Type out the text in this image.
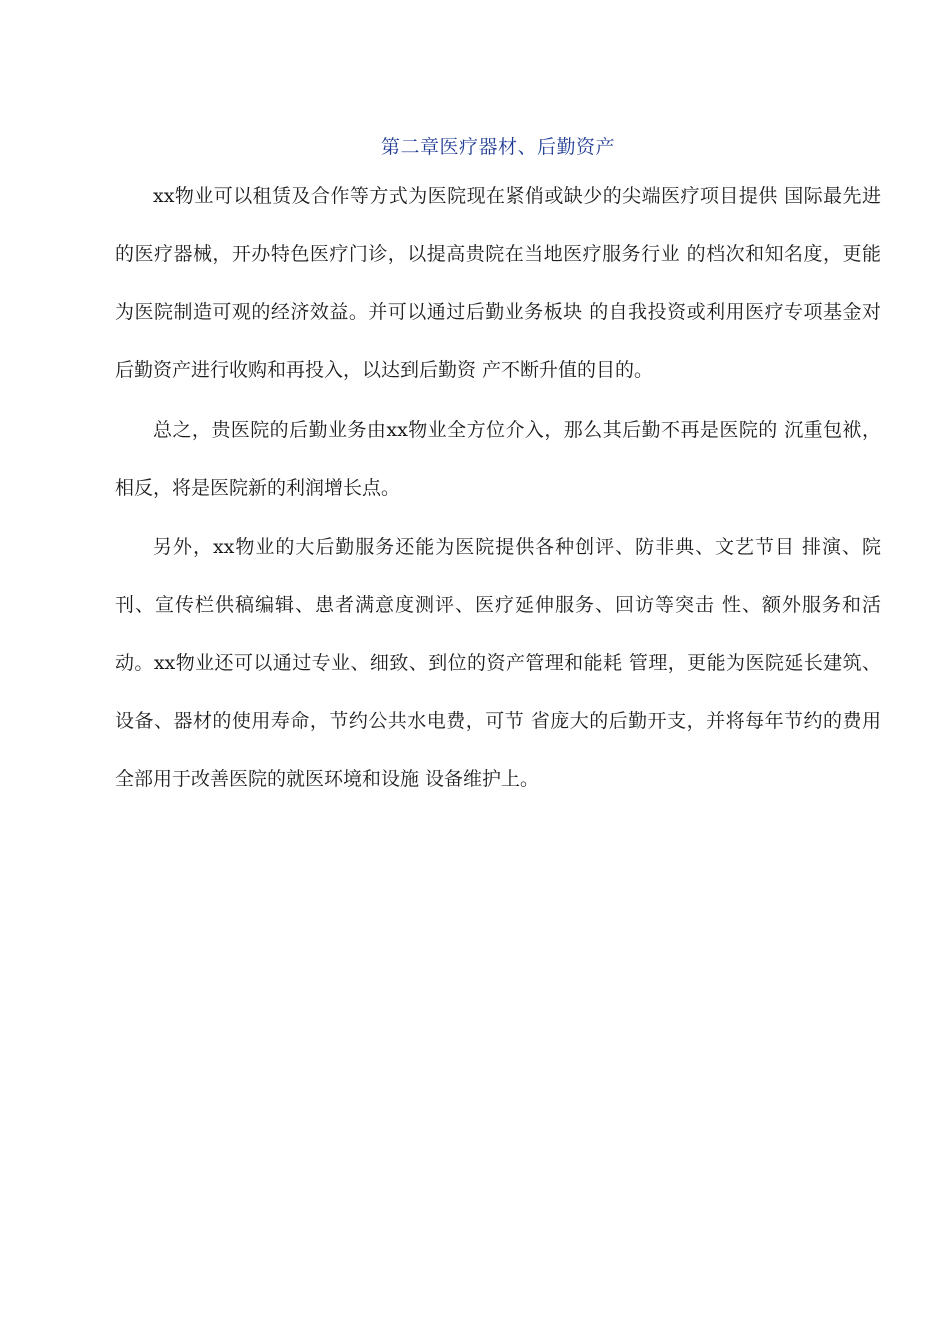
第二章医疗器材、后勤资产

xx物业可以租赁及合作等方式为医院现在紧俏或缺少的尖端医疗项目提供 国际最先进的医疗器械，开办特色医疗门诊，以提高贵院在当地医疗服务行业 的档次和知名度，更能为医院制造可观的经济效益。并可以通过后勤业务板块 的自我投资或利用医疗专项基金对后勤资产进行收购和再投入，以达到后勤资 产不断升值的目的。

总之，贵医院的后勤业务由xx物业全方位介入，那么其后勤不再是医院的 沉重包袱，相反，将是医院新的利润增长点。

另外，xx物业的大后勤服务还能为医院提供各种创评、防非典、文艺节目 排演、院刊、宣传栏供稿编辑、患者满意度测评、医疗延伸服务、回访等突击 性、额外服务和活动。xx物业还可以通过专业、细致、到位的资产管理和能耗 管理，更能为医院延长建筑、设备、器材的使用寿命，节约公共水电费，可节 省庞大的后勤开支，并将每年节约的费用全部用于改善医院的就医环境和设施 设备维护上。
